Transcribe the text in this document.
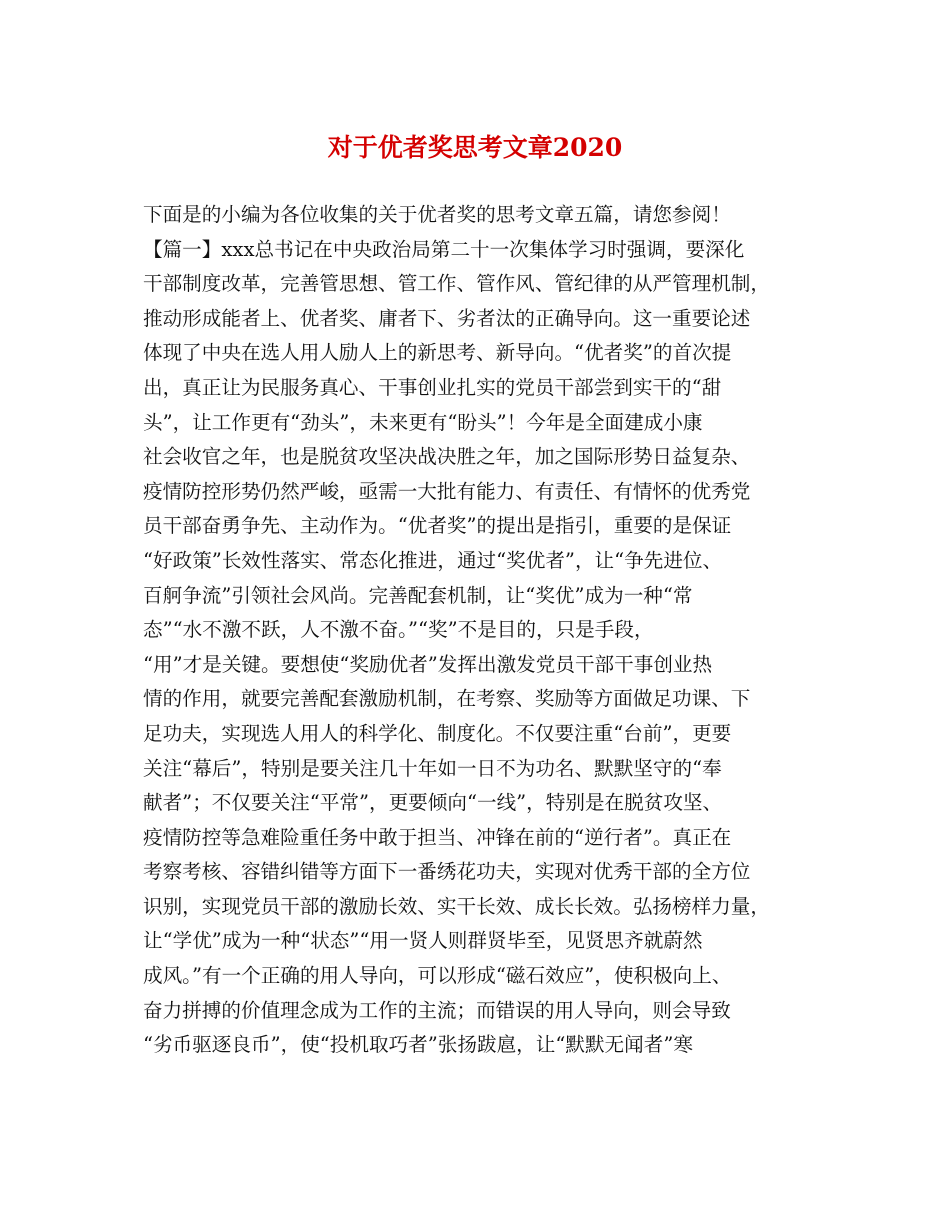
对于优者奖思考文章2020
下面是的小编为各位收集的关于优者奖的思考文章五篇，请您参阅！
【篇一】xxx总书记在中央政治局第二十一次集体学习时强调，要深化
干部制度改革，完善管思想、管工作、管作风、管纪律的从严管理机制，
推动形成能者上、优者奖、庸者下、劣者汰的正确导向。这一重要论述
体现了中央在选人用人励人上的新思考、新导向。“优者奖”的首次提
出，真正让为民服务真心、干事创业扎实的党员干部尝到实干的“甜
头”，让工作更有“劲头”，未来更有“盼头”！今年是全面建成小康
社会收官之年，也是脱贫攻坚决战决胜之年，加之国际形势日益复杂、
疫情防控形势仍然严峻，亟需一大批有能力、有责任、有情怀的优秀党
员干部奋勇争先、主动作为。“优者奖”的提出是指引，重要的是保证
“好政策”长效性落实、常态化推进，通过“奖优者”，让“争先进位、
百舸争流”引领社会风尚。完善配套机制，让“奖优”成为一种“常
态”“水不激不跃，人不激不奋。”“奖”不是目的，只是手段，
“用”才是关键。要想使“奖励优者”发挥出激发党员干部干事创业热
情的作用，就要完善配套激励机制，在考察、奖励等方面做足功课、下
足功夫，实现选人用人的科学化、制度化。不仅要注重“台前”，更要
关注“幕后”，特别是要关注几十年如一日不为功名、默默坚守的“奉
献者”；不仅要关注“平常”，更要倾向“一线”，特别是在脱贫攻坚、
疫情防控等急难险重任务中敢于担当、冲锋在前的“逆行者”。真正在
考察考核、容错纠错等方面下一番绣花功夫，实现对优秀干部的全方位
识别，实现党员干部的激励长效、实干长效、成长长效。弘扬榜样力量，
让“学优”成为一种“状态”“用一贤人则群贤毕至，见贤思齐就蔚然
成风。”有一个正确的用人导向，可以形成“磁石效应”，使积极向上、
奋力拼搏的价值理念成为工作的主流；而错误的用人导向，则会导致
“劣币驱逐良币”，使“投机取巧者”张扬跋扈，让“默默无闻者”寒
